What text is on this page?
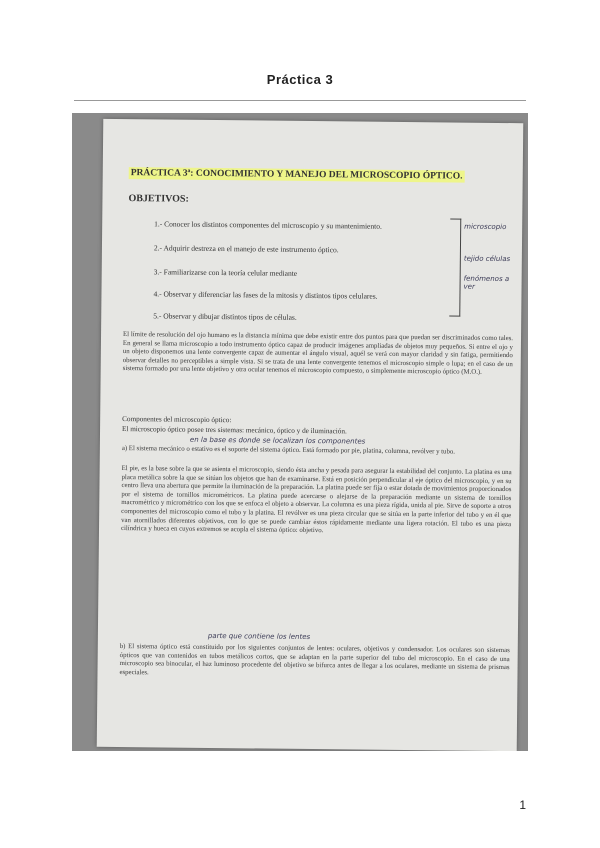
Práctica 3
PRÁCTICA 3ª: CONOCIMIENTO Y MANEJO DEL MICROSCOPIO ÓPTICO.
OBJETIVOS:
1.- Conocer los distintos componentes del microscopio y su mantenimiento.
2.- Adquirir destreza en el manejo de este instrumento óptico.
3.- Familiarizarse con la teoría celular mediante
4.- Observar y diferenciar las fases de la mitosis y distintos tipos celulares.
5.- Observar y dibujar distintos tipos de células.
microscopio
tejido células
fenómenos a ver
El límite de resolución del ojo humano es la distancia mínima que debe existir entre dos puntos para que puedan ser discriminados como tales. En general se llama microscopio a todo instrumento óptico capaz de producir imágenes ampliadas de objetos muy pequeños. Si entre el ojo y un objeto disponemos una lente convergente capaz de aumentar el ángulo visual, aquél se verá con mayor claridad y sin fatiga, permitiendo observar detalles no perceptibles a simple vista. Si se trata de una lente convergente tenemos el microscopio simple o lupa; en el caso de un sistema formado por una lente objetivo y otra ocular tenemos el microscopio compuesto, o simplemente microscopio óptico (M.O.).
Componentes del microscopio óptico:
El microscopio óptico posee tres sistemas: mecánico, óptico y de iluminación.
en la base es donde se localizan los componentes
a) El sistema mecánico o estativo es el soporte del sistema óptico. Está formado por pie, platina, columna, revólver y tubo.
El pie, es la base sobre la que se asienta el microscopio, siendo ésta ancha y pesada para asegurar la estabilidad del conjunto. La platina es una placa metálica sobre la que se sitúan los objetos que han de examinarse. Está en posición perpendicular al eje óptico del microscopio, y en su centro lleva una abertura que permite la iluminación de la preparación. La platina puede ser fija o estar dotada de movimientos proporcionados por el sistema de tornillos micrométricos. La platina puede acercarse o alejarse de la preparación mediante un sistema de tornillos macrométrico y micrométrico con los que se enfoca el objeto a observar. La columna es una pieza rígida, unida al pie. Sirve de soporte a otros componentes del microscopio como el tubo y la platina. El revólver es una pieza circular que se sitúa en la parte inferior del tubo y en él que van atornillados diferentes objetivos, con lo que se puede cambiar éstos rápidamente mediante una ligera rotación. El tubo es una pieza cilíndrica y hueca en cuyos extremos se acopla el sistema óptico: objetivo.
parte que contiene los lentes
b) El sistema óptico está constituido por los siguientes conjuntos de lentes: oculares, objetivos y condensador. Los oculares son sistemas ópticos que van contenidos en tubos metálicos cortos, que se adaptan en la parte superior del tubo del microscopio. En el caso de una microscopio sea binocular, el haz luminoso procedente del objetivo se bifurca antes de llegar a los oculares, mediante un sistema de prismas especiales.
1
